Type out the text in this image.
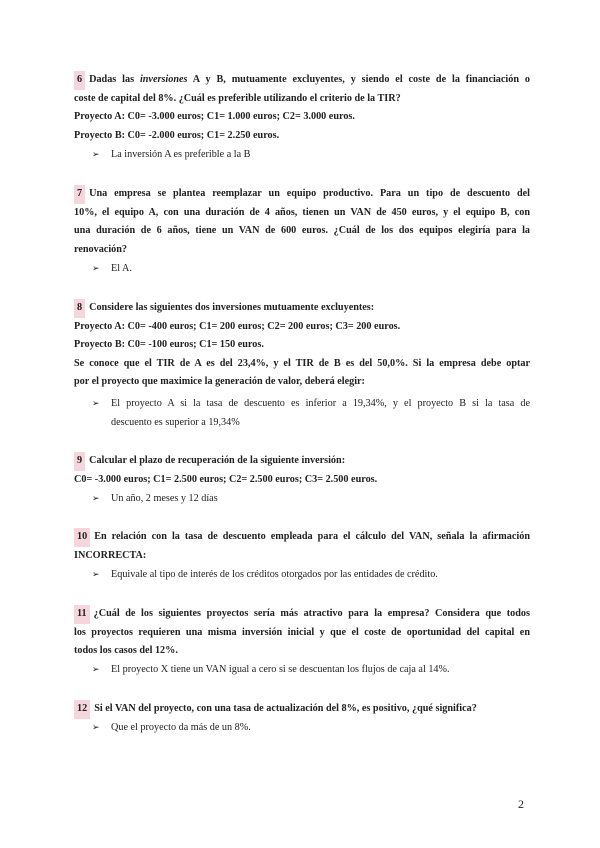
6 Dadas las inversiones A y B, mutuamente excluyentes, y siendo el coste de la financiación o
coste de capital del 8%. ¿Cuál es preferible utilizando el criterio de la TIR?
Proyecto A: C0= -3.000 euros; C1= 1.000 euros; C2= 3.000 euros.
Proyecto B: C0= -2.000 euros; C1= 2.250 euros.
➢ La inversión A es preferible a la B
7 Una empresa se plantea reemplazar un equipo productivo. Para un tipo de descuento del
10%, el equipo A, con una duración de 4 años, tienen un VAN de 450 euros, y el equipo B, con
una duración de 6 años, tiene un VAN de 600 euros. ¿Cuál de los dos equipos elegiría para la
renovación?
➢ El A.
8 Considere las siguientes dos inversiones mutuamente excluyentes:
Proyecto A: C0= -400 euros; C1= 200 euros; C2= 200 euros; C3= 200 euros.
Proyecto B: C0= -100 euros; C1= 150 euros.
Se conoce que el TIR de A es del 23,4%, y el TIR de B es del 50,0%. Si la empresa debe optar
por el proyecto que maximice la generación de valor, deberá elegir:
➢ El proyecto A si la tasa de descuento es inferior a 19,34%, y el proyecto B si la tasa de
descuento es superior a 19,34%
9 Calcular el plazo de recuperación de la siguiente inversión:
C0= -3.000 euros; C1= 2.500 euros; C2= 2.500 euros; C3= 2.500 euros.
➢ Un año, 2 meses y 12 días
10 En relación con la tasa de descuento empleada para el cálculo del VAN, señala la afirmación
INCORRECTA:
➢ Equivale al tipo de interés de los créditos otorgados por las entidades de crédito.
11 ¿Cuál de los siguientes proyectos sería más atractivo para la empresa? Considera que todos
los proyectos requieren una misma inversión inicial y que el coste de oportunidad del capital en
todos los casos del 12%.
➢ El proyecto X tiene un VAN igual a cero si se descuentan los flujos de caja al 14%.
12 Si el VAN del proyecto, con una tasa de actualización del 8%, es positivo, ¿qué significa?
➢ Que el proyecto da más de un 8%.
2
